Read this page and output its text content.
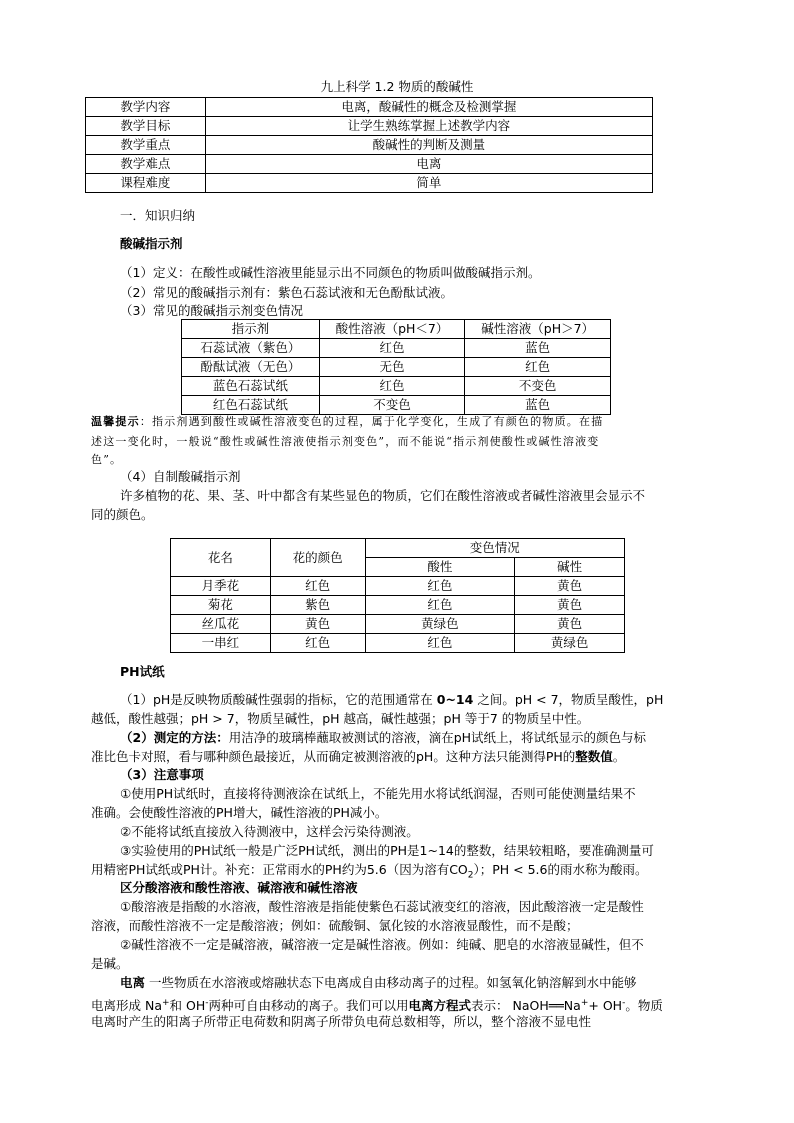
九上科学 1.2 物质的酸碱性
教学内容	电离，酸碱性的概念及检测掌握
教学目标	让学生熟练掌握上述教学内容
教学重点	酸碱性的判断及测量
教学难点	电离
课程难度	简单
一．知识归纳
酸碱指示剂
（1）定义：在酸性或碱性溶液里能显示出不同颜色的物质叫做酸碱指示剂。
（2）常见的酸碱指示剂有：紫色石蕊试液和无色酚酞试液。
（3）常见的酸碱指示剂变色情况
指示剂	酸性溶液（pH＜7）	碱性溶液（pH＞7）
石蕊试液（紫色）	红色	蓝色
酚酞试液（无色）	无色	红色
蓝色石蕊试纸	红色	不变色
红色石蕊试纸	不变色	蓝色
温馨提示：指示剂遇到酸性或碱性溶液变色的过程，属于化学变化，生成了有颜色的物质。在描
述这一变化时，一般说“酸性或碱性溶液使指示剂变色”，而不能说“指示剂使酸性或碱性溶液变
色”。
（4）自制酸碱指示剂
许多植物的花、果、茎、叶中都含有某些显色的物质，它们在酸性溶液或者碱性溶液里会显示不
同的颜色。
花名	花的颜色	变色情况	
		酸性	碱性
月季花	红色	红色	黄色
菊花	紫色	红色	黄色
丝瓜花	黄色	黄绿色	黄色
一串红	红色	红色	黄绿色
PH试纸
（1）pH是反映物质酸碱性强弱的指标，它的范围通常在 0~14 之间。pH < 7，物质呈酸性，pH
越低，酸性越强；pH > 7，物质呈碱性，pH 越高，碱性越强；pH 等于7 的物质呈中性。
（2）测定的方法：用洁净的玻璃棒蘸取被测试的溶液，滴在pH试纸上，将试纸显示的颜色与标
准比色卡对照，看与哪种颜色最接近，从而确定被测溶液的pH。这种方法只能测得PH的整数值。
（3）注意事项
①使用PH试纸时，直接将待测液涂在试纸上，不能先用水将试纸润湿，否则可能使测量结果不
准确。会使酸性溶液的PH增大，碱性溶液的PH减小。
②不能将试纸直接放入待测液中，这样会污染待测液。
③实验使用的PH试纸一般是广泛PH试纸，测出的PH是1~14的整数，结果较粗略，要准确测量可
用精密PH试纸或PH计。补充：正常雨水的PH约为5.6（因为溶有$CO_2$）；PH < 5.6的雨水称为酸雨。
区分酸溶液和酸性溶液、碱溶液和碱性溶液
①酸溶液是指酸的水溶液，酸性溶液是指能使紫色石蕊试液变红的溶液，因此酸溶液一定是酸性
溶液，而酸性溶液不一定是酸溶液；例如：硫酸铜、氯化铵的水溶液显酸性，而不是酸；
②碱性溶液不一定是碱溶液，碱溶液一定是碱性溶液。例如：纯碱、肥皂的水溶液显碱性，但不
是碱。
电离 一些物质在水溶液或熔融状态下电离成自由移动离子的过程。如氢氧化钠溶解到水中能够
电离形成 Na+和 OH-两种可自由移动的离子。我们可以用电离方程式表示： NaOH══Na++ OH-。物质
电离时产生的阳离子所带正电荷数和阴离子所带负电荷总数相等，所以，整个溶液不显电性
